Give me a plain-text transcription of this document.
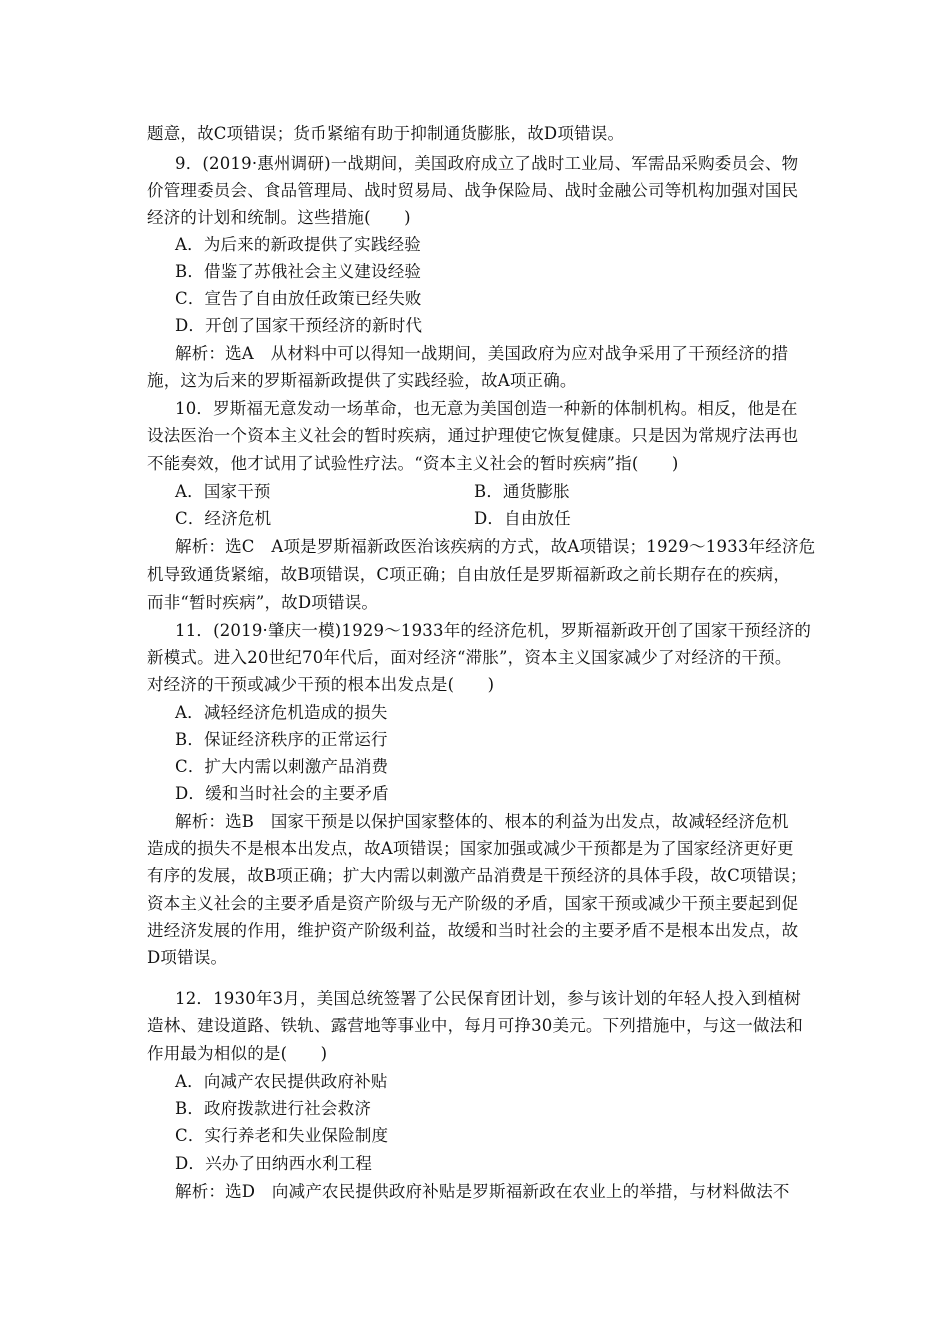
题意，故C项错误；货币紧缩有助于抑制通货膨胀，故D项错误。
9．(2019·惠州调研)一战期间，美国政府成立了战时工业局、军需品采购委员会、物
价管理委员会、食品管理局、战时贸易局、战争保险局、战时金融公司等机构加强对国民
经济的计划和统制。这些措施(　　)
A．为后来的新政提供了实践经验
B．借鉴了苏俄社会主义建设经验
C．宣告了自由放任政策已经失败
D．开创了国家干预经济的新时代
解析：选A　从材料中可以得知一战期间，美国政府为应对战争采用了干预经济的措
施，这为后来的罗斯福新政提供了实践经验，故A项正确。
10．罗斯福无意发动一场革命，也无意为美国创造一种新的体制机构。相反，他是在
设法医治一个资本主义社会的暂时疾病，通过护理使它恢复健康。只是因为常规疗法再也
不能奏效，他才试用了试验性疗法。“资本主义社会的暂时疾病”指(　　)
A．国家干预	B．通货膨胀
C．经济危机	D．自由放任
解析：选C　A项是罗斯福新政医治该疾病的方式，故A项错误；1929～1933年经济危
机导致通货紧缩，故B项错误，C项正确；自由放任是罗斯福新政之前长期存在的疾病，
而非“暂时疾病”，故D项错误。
11．(2019·肇庆一模)1929～1933年的经济危机，罗斯福新政开创了国家干预经济的
新模式。进入20世纪70年代后，面对经济“滞胀”，资本主义国家减少了对经济的干预。
对经济的干预或减少干预的根本出发点是(　　)
A．减轻经济危机造成的损失
B．保证经济秩序的正常运行
C．扩大内需以刺激产品消费
D．缓和当时社会的主要矛盾
解析：选B　国家干预是以保护国家整体的、根本的利益为出发点，故减轻经济危机
造成的损失不是根本出发点，故A项错误；国家加强或减少干预都是为了国家经济更好更
有序的发展，故B项正确；扩大内需以刺激产品消费是干预经济的具体手段，故C项错误；
资本主义社会的主要矛盾是资产阶级与无产阶级的矛盾，国家干预或减少干预主要起到促
进经济发展的作用，维护资产阶级利益，故缓和当时社会的主要矛盾不是根本出发点，故
D项错误。
12．1930年3月，美国总统签署了公民保育团计划，参与该计划的年轻人投入到植树
造林、建设道路、铁轨、露营地等事业中，每月可挣30美元。下列措施中，与这一做法和
作用最为相似的是(　　)
A．向减产农民提供政府补贴
B．政府拨款进行社会救济
C．实行养老和失业保险制度
D．兴办了田纳西水利工程
解析：选D　向减产农民提供政府补贴是罗斯福新政在农业上的举措，与材料做法不
